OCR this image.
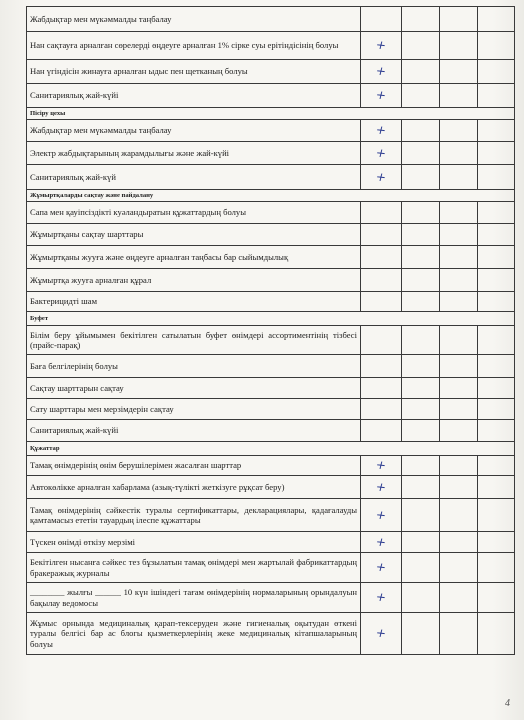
Жабдықтар мен мүкәммалды таңбалау				
Нан сақтауға арналған сөрелерді өңдеуге арналған 1% сірке суы ерітіндісінің болуы	+			
Нан үгіндісін жинауға арналған ыдыс пен щетканың болуы	+			
Санитариялық жай-күйі	+			
Пісіру цехы				
Жабдықтар мен мүкәммалды таңбалау	+			
Электр жабдықтарының жарамдылығы және жай-күйі	+			
Санитариялық жай-күй	+			
Жұмыртқаларды сақтау және пайдалану				
Сапа мен қауіпсіздікті куәландыратын құжаттардың болуы				
Жұмыртқаны сақтау шарттары				
Жұмыртқаны жууға және өңдеуге арналған таңбасы бар сыйымдылық				
Жұмыртқа жууға арналған құрал				
Бактерицидті шам				
Буфет				
Білім беру ұйымымен бекітілген сатылатын буфет өнімдері ассортиментінің тізбесі (прайс-парақ)				
Баға белгілерінің болуы				
Сақтау шарттарын сақтау				
Сату шарттары мен мерзімдерін сақтау				
Санитариялық жай-күйі				
Құжаттар				
Тамақ өнімдерінің өнім берушілерімен жасалған шарттар	+			
Автокөлікке арналған хабарлама (азық-түлікті жеткізуге рұқсат беру)	+			
Тамақ өнімдерінің сәйкестік туралы сертификаттары, декларациялары, қадағалауды қамтамасыз ететін тауардың ілеспе құжаттары	+			
Түскен өнімді өткізу мерзімі	+			
Бекітілген нысанға сәйкес тез бұзылатын тамақ өнімдері мен жартылай фабрикаттардың бракеражық журналы	+			
________ жылғы ______ 10 күн ішіндегі тағам өнімдерінің нормаларының орындалуын бақылау ведомосы	+			
Жұмыс орнында медициналық қарап-тексеруден және гигиеналық оқытудан өткені туралы белгісі бар ас блогы қызметкерлерінің жеке медициналық кітапшаларының болуы	+			
4
